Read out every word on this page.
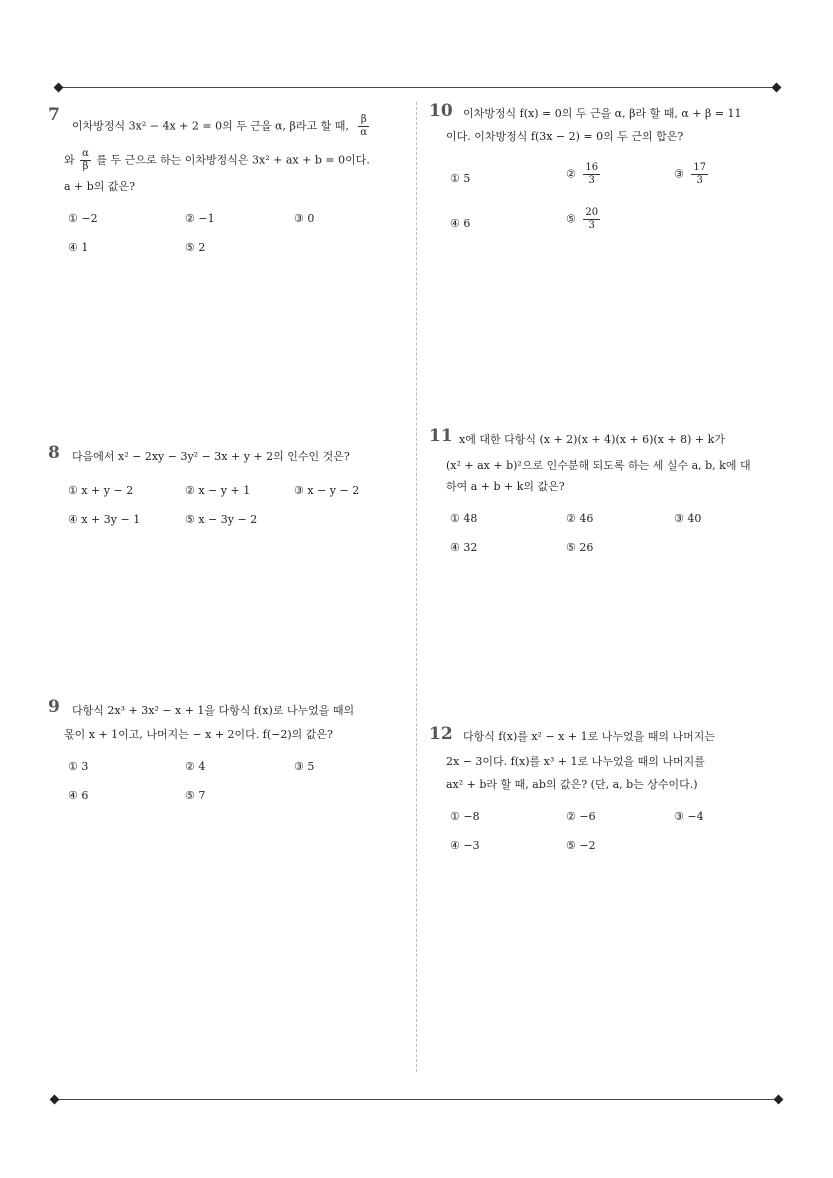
7
이차방정식 3x² − 4x + 2 = 0의 두 근을 α, β라고 할 때, $\frac{\beta}{\alpha}$
와 $\frac{\alpha}{\beta}$ 를 두 근으로 하는 이차방정식은 3x² + ax + b = 0이다.
a + b의 값은?
① −2	② −1	③ 0
④ 1	⑤ 2
8 다음에서 x² − 2xy − 3y² − 3x + y + 2의 인수인 것은?
① x + y − 2	② x − y + 1	③ x − y − 2
④ x + 3y − 1	⑤ x − 3y − 2
9 다항식 2x³ + 3x² − x + 1을 다항식 f(x)로 나누었을 때의
몫이 x + 1이고, 나머지는 − x + 2이다. f(−2)의 값은?
① 3	② 4	③ 5
④ 6	⑤ 7
10 이차방정식 f(x) = 0의 두 근을 α, β라 할 때, α + β = 11
이다. 이차방정식 f(3x − 2) = 0의 두 근의 합은?
① 5	② $\frac{16}{3}$	③ $\frac{17}{3}$
④ 6	⑤ $\frac{20}{3}$
11 x에 대한 다항식 (x + 2)(x + 4)(x + 6)(x + 8) + k가
(x² + ax + b)²으로 인수분해 되도록 하는 세 실수 a, b, k에 대
하여 a + b + k의 값은?
① 48	② 46	③ 40
④ 32	⑤ 26
12 다항식 f(x)를 x² − x + 1로 나누었을 때의 나머지는
2x − 3이다. f(x)를 x³ + 1로 나누었을 때의 나머지를
ax² + b라 할 때, ab의 값은? (단, a, b는 상수이다.)
① −8	② −6	③ −4
④ −3	⑤ −2
